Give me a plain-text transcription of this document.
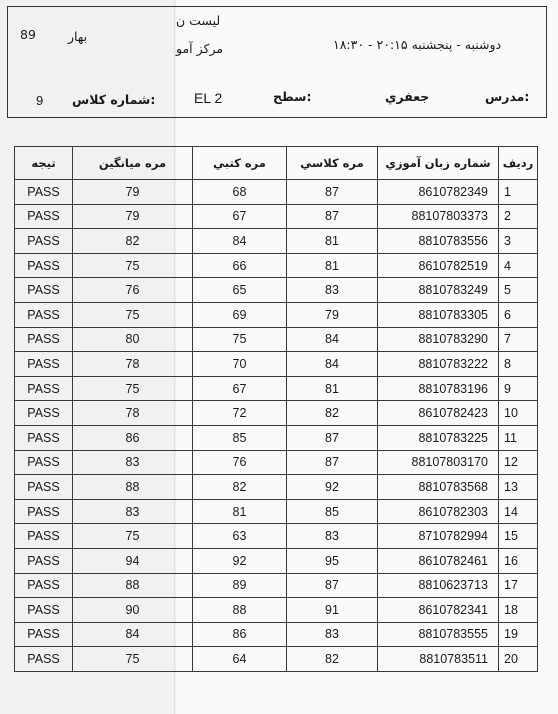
89
لیست ن
بهار
مرکز آمو	دوشنبه - پنجشنبه ۲۰:۱۵ - ۱۸:۳۰
مدرس:
جعفري
سطح:
EL 2
شماره کلاس:
9
رديف	شماره زبان آموزي	مره کلاسي	مره کتبي	مره ميانگين	تيجه
1	8610782349	87	68	79	PASS
2	88107803373	87	67	79	PASS
3	8810783556	81	84	82	PASS
4	8610782519	81	66	75	PASS
5	8810783249	83	65	76	PASS
6	8810783305	79	69	75	PASS
7	8810783290	84	75	80	PASS
8	8810783222	84	70	78	PASS
9	8810783196	81	67	75	PASS
10	8610782423	82	72	78	PASS
11	8810783225	87	85	86	PASS
12	88107803170	87	76	83	PASS
13	8810783568	92	82	88	PASS
14	8610782303	85	81	83	PASS
15	8710782994	83	63	75	PASS
16	8610782461	95	92	94	PASS
17	8810623713	87	89	88	PASS
18	8610782341	91	88	90	PASS
19	8810783555	83	86	84	PASS
20	8810783511	82	64	75	PASS
